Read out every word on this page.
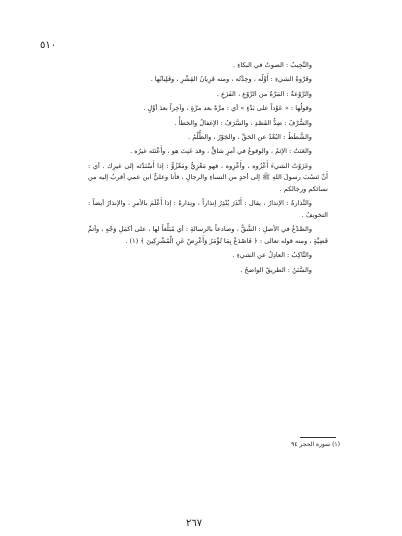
٥١٠

والنَّجِيبُ : الصوتُ في البكاءِ .

وقَرْوةُ الشيءِ : أَوَّلُه ، وحِدَّتُه ، ومنه قَرِيانُ القِشْرِ ، وقَلِيانُها .

والرَّوْعةُ : المَرَّةُ من الرَّوْعِ ، الفَزَعِ .

وقولُها : « عَوْداً على بَدْءٍ » أي : مرَّةً بعد مرَّةٍ ، وآخِراً بعدَ أوَّلٍ .

والسُّرْفُ : ضِدُّ القَصْدِ ، والسَّرَفُ : الإغفالُ والخطأُ .

والشَّطَطُ : البُعْدُ عن الحَقِّ ، والجَوْرُ ، والظُّلْمُ .

والعَنَتُ : الإثمُ ، والوقوعُ في أمرٍ شاقٍّ ، وقد عَنِتَ هو ، وأَعْنَتَه غيرُه .

وعَزَوْتُ الشيءَ أَعْزُوه ، وأَعْزِوه ، فهو مَعْزِيٌّ ومَعْزُوٌّ : إذا أَسْنَدْتَه إلى غيرِك . أي : أَنْ تَنسُبَ رسولَ اللهِ ﷺ إلى أحدٍ من النساءِ والرجالِ ، فأنا وعليٌّ ابن عمي أقربُ إليه من نسائكم ورجالكم .

والنَّذارةُ : الإنذارُ ، يقال : أَنْذَرَ يُنْذِرُ إنذاراً ، ونِذارةً : إذا أَعْلَمَ بالأمرِ ، والإنذارُ أيضاً : التخويفُ .

والصَّدْعُ في الأصلِ : الشَّقُّ ، وصادعاً بالرسالةِ : أي مُبَلِّغاً لها ، على أكمَلِ وَجْهٍ ، وأتمِّ قَضِيَّةٍ ، ومنه قوله تعالى : ﴿ فَاصْدَعْ بِمَا تُؤْمَرُ وَأَعْرِضْ عَنِ الْمُشْرِكِينَ ﴾ (١) .

والنَّاكِبُ : العادِلُ عن الشيءِ .

والسَّنَنُ : الطريقُ الواضحُ .

(١) سورة الحجر ٩٤
٢٦٧
